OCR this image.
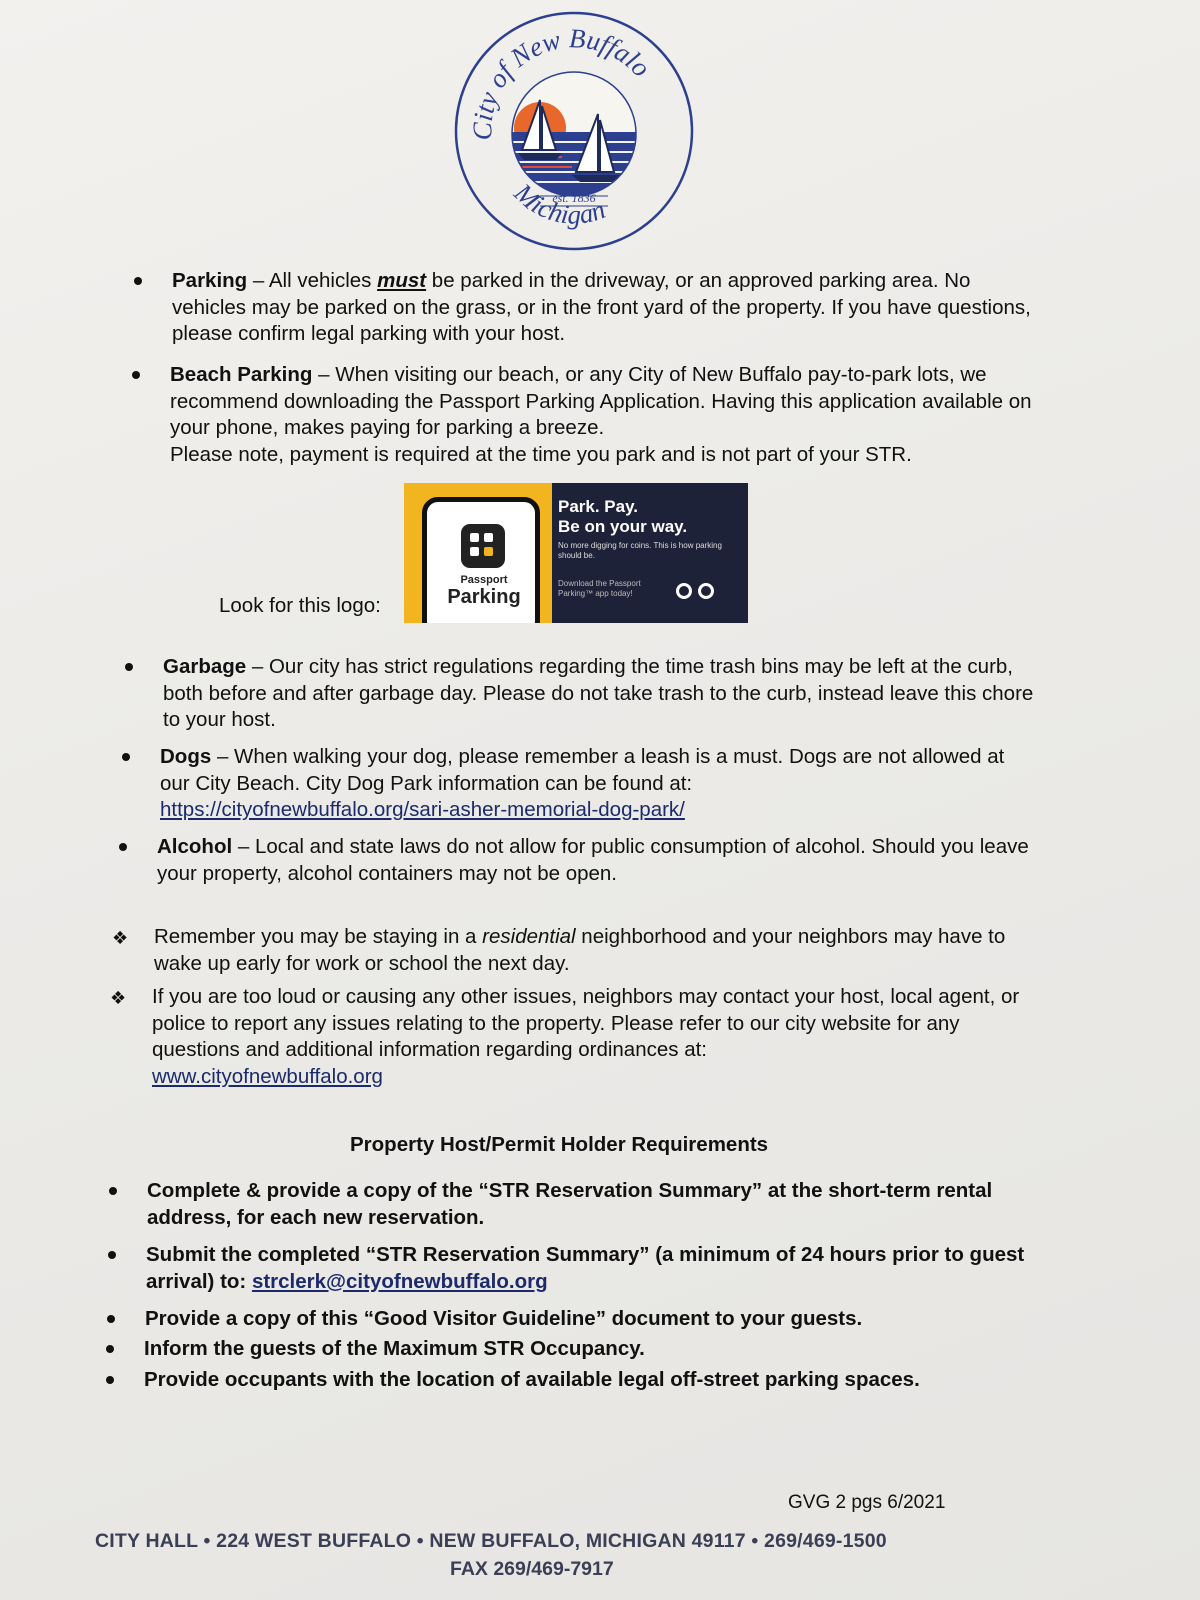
City of New Buffalo
est. 1836
Michigan
Parking – All vehicles must be parked in the driveway, or an approved parking area. No vehicles may be parked on the grass, or in the front yard of the property. If you have questions, please confirm legal parking with your host.
Beach Parking – When visiting our beach, or any City of New Buffalo pay-to-park lots, we recommend downloading the Passport Parking Application. Having this application available on your phone, makes paying for parking a breeze.
Please note, payment is required at the time you park and is not part of your STR.
Look for this logo:
Passport
Parking
Park. Pay.
Be on your way.
No more digging for coins. This is how parking should be.
Download the Passport Parking™ app today!
Garbage – Our city has strict regulations regarding the time trash bins may be left at the curb, both before and after garbage day. Please do not take trash to the curb, instead leave this chore to your host.
Dogs – When walking your dog, please remember a leash is a must. Dogs are not allowed at our City Beach. City Dog Park information can be found at:
https://cityofnewbuffalo.org/sari-asher-memorial-dog-park/
Alcohol – Local and state laws do not allow for public consumption of alcohol. Should you leave your property, alcohol containers may not be open.
❖ Remember you may be staying in a residential neighborhood and your neighbors may have to wake up early for work or school the next day.
❖ If you are too loud or causing any other issues, neighbors may contact your host, local agent, or police to report any issues relating to the property. Please refer to our city website for any questions and additional information regarding ordinances at:
www.cityofnewbuffalo.org
Property Host/Permit Holder Requirements
Complete & provide a copy of the “STR Reservation Summary” at the short-term rental address, for each new reservation.
Submit the completed “STR Reservation Summary” (a minimum of 24 hours prior to guest arrival) to: strclerk@cityofnewbuffalo.org
Provide a copy of this “Good Visitor Guideline” document to your guests.
Inform the guests of the Maximum STR Occupancy.
Provide occupants with the location of available legal off-street parking spaces.
GVG 2 pgs 6/2021
CITY HALL • 224 WEST BUFFALO • NEW BUFFALO, MICHIGAN 49117 • 269/469-1500
FAX 269/469-7917
